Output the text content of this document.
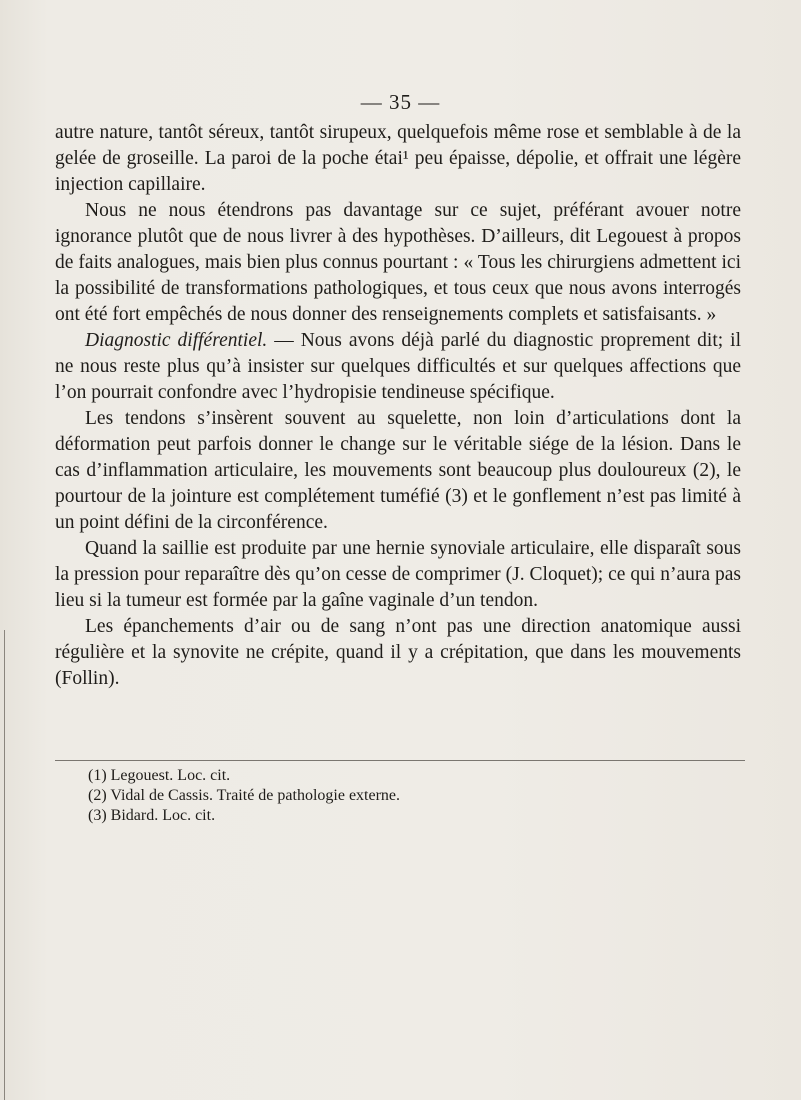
— 35 —

autre nature, tantôt séreux, tantôt sirupeux, quelquefois même rose et semblable à de la gelée de groseille. La paroi de la poche étai¹ peu épaisse, dépolie, et offrait une légère injection capillaire.

Nous ne nous étendrons pas davantage sur ce sujet, préférant avouer notre ignorance plutôt que de nous livrer à des hypothèses. D’ailleurs, dit Legouest à propos de faits analogues, mais bien plus connus pourtant : « Tous les chirurgiens admettent ici la possibilité de transformations pathologiques, et tous ceux que nous avons interrogés ont été fort empêchés de nous donner des renseignements complets et satisfaisants. »

Diagnostic différentiel. — Nous avons déjà parlé du diagnostic proprement dit; il ne nous reste plus qu’à insister sur quelques difficultés et sur quelques affections que l’on pourrait confondre avec l’hydropisie tendineuse spécifique.

Les tendons s’insèrent souvent au squelette, non loin d’articulations dont la déformation peut parfois donner le change sur le véritable siége de la lésion. Dans le cas d’inflammation articulaire, les mouvements sont beaucoup plus douloureux (2), le pourtour de la jointure est complétement tuméfié (3) et le gonflement n’est pas limité à un point défini de la circonférence.

Quand la saillie est produite par une hernie synoviale articulaire, elle disparaît sous la pression pour reparaître dès qu’on cesse de comprimer (J. Cloquet); ce qui n’aura pas lieu si la tumeur est formée par la gaîne vaginale d’un tendon.

Les épanchements d’air ou de sang n’ont pas une direction anatomique aussi régulière et la synovite ne crépite, quand il y a crépitation, que dans les mouvements (Follin).

(1) Legouest. Loc. cit.

(2) Vidal de Cassis. Traité de pathologie externe.

(3) Bidard. Loc. cit.
